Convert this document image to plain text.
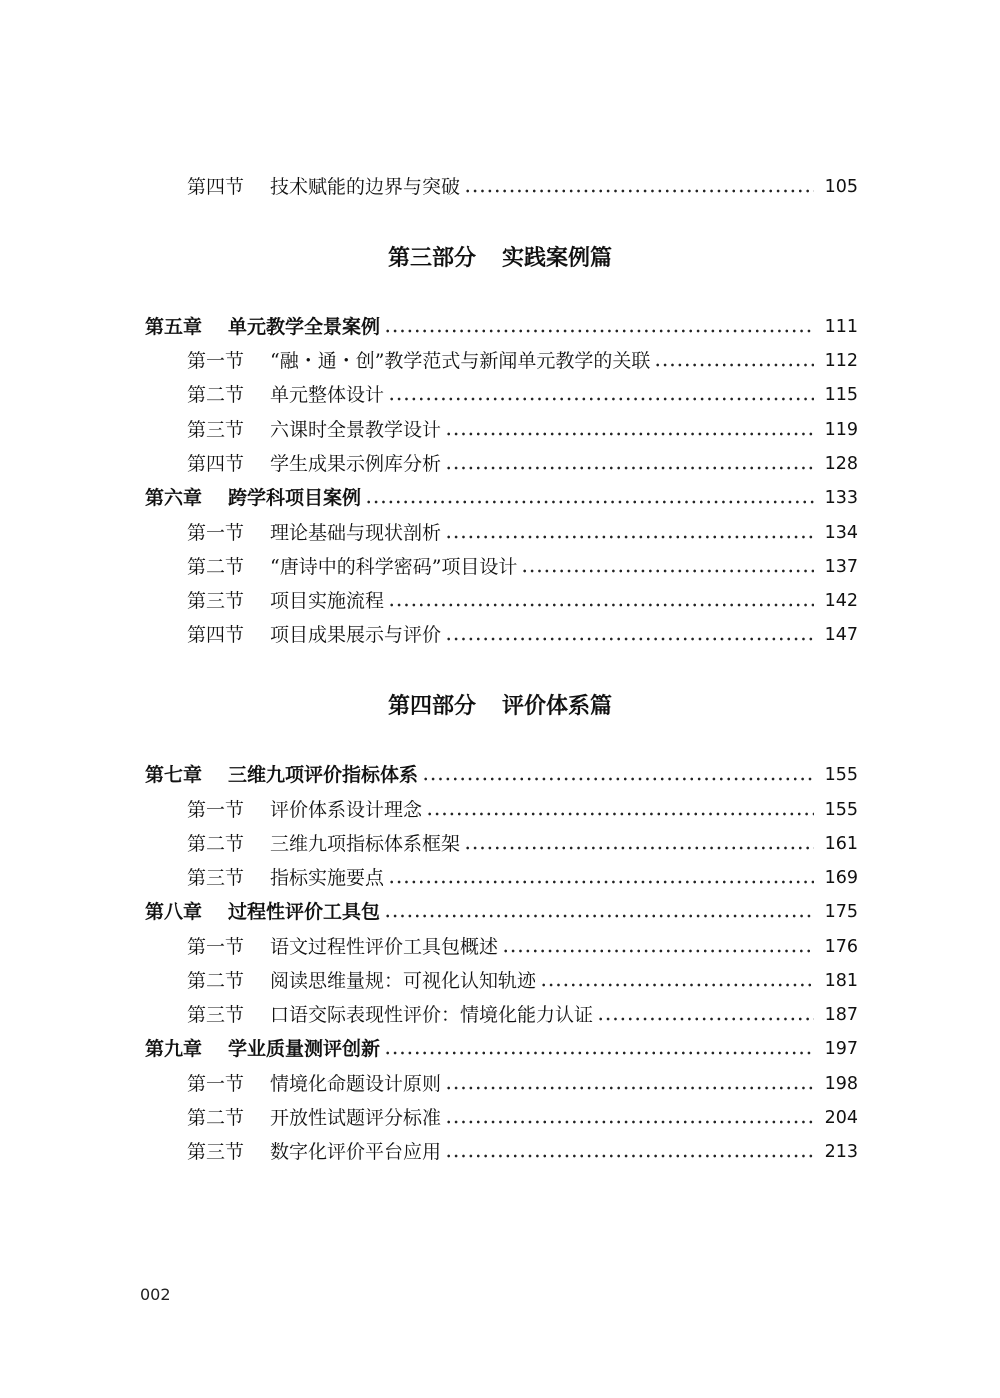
第四节 技术赋能的边界与突破	105
第三部分 实践案例篇
第五章 单元教学全景案例	111
第一节 “融・通・创”教学范式与新闻单元教学的关联	112
第二节 单元整体设计	115
第三节 六课时全景教学设计	119
第四节 学生成果示例库分析	128
第六章 跨学科项目案例	133
第一节 理论基础与现状剖析	134
第二节 “唐诗中的科学密码”项目设计	137
第三节 项目实施流程	142
第四节 项目成果展示与评价	147
第四部分 评价体系篇
第七章 三维九项评价指标体系	155
第一节 评价体系设计理念	155
第二节 三维九项指标体系框架	161
第三节 指标实施要点	169
第八章 过程性评价工具包	175
第一节 语文过程性评价工具包概述	176
第二节 阅读思维量规：可视化认知轨迹	181
第三节 口语交际表现性评价：情境化能力认证	187
第九章 学业质量测评创新	197
第一节 情境化命题设计原则	198
第二节 开放性试题评分标准	204
第三节 数字化评价平台应用	213
002
